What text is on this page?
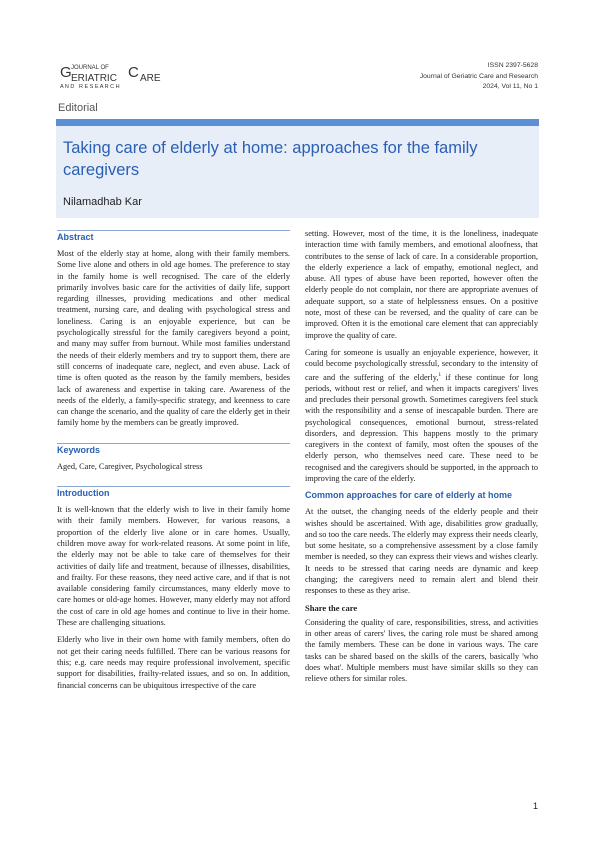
G JOURNAL OF
ERIATRIC C ARE
A N D   R E S E A R C H
ISSN 2397-5628
Journal of Geriatric Care and Research
2024, Vol 11, No 1
Editorial
Taking care of elderly at home: approaches for the family caregivers
Nilamadhab Kar
Abstract

Most of the elderly stay at home, along with their family members. Some live alone and others in old age homes. The preference to stay in the family home is well recognised. The care of the elderly primarily involves basic care for the activities of daily life, support regarding illnesses, providing medications and other medical treatment, nursing care, and dealing with psychological stress and loneliness. Caring is an enjoyable experience, but can be psychologically stressful for the family caregivers beyond a point, and many may suffer from burnout. While most families understand the needs of their elderly members and try to support them, there are still concerns of inadequate care, neglect, and even abuse. Lack of time is often quoted as the reason by the family members, besides lack of awareness and expertise in taking care. Awareness of the needs of the elderly, a family-specific strategy, and keenness to care can change the scenario, and the quality of care the elderly get in their family home by the members can be greatly improved.

Keywords

Aged, Care, Caregiver, Psychological stress

Introduction

It is well-known that the elderly wish to live in their family home with their family members. However, for various reasons, a proportion of the elderly live alone or in care homes. Usually, children move away for work-related reasons. At some point in life, the elderly may not be able to take care of themselves for their activities of daily life and treatment, because of illnesses, disabilities, and frailty. For these reasons, they need active care, and if that is not available considering family circumstances, many elderly move to care homes or old-age homes. However, many elderly may not afford the cost of care in old age homes and continue to live in their home. These are challenging situations.

Elderly who live in their own home with family members, often do not get their caring needs fulfilled. There can be various reasons for this; e.g. care needs may require professional involvement, specific support for disabilities, frailty-related issues, and so on. In addition, financial concerns can be ubiquitous irrespective of the care

setting. However, most of the time, it is the loneliness, inadequate interaction time with family members, and emotional aloofness, that contributes to the sense of lack of care. In a considerable proportion, the elderly experience a lack of empathy, emotional neglect, and abuse. All types of abuse have been reported, however often the elderly people do not complain, nor there are appropriate avenues of adequate support, so a state of helplessness ensues. On a positive note, most of these can be reversed, and the quality of care can be improved. Often it is the emotional care element that can appreciably improve the quality of care.

Caring for someone is usually an enjoyable experience, however, it could become psychologically stressful, secondary to the intensity of care and the suffering of the elderly,$^1$ if these continue for long periods, without rest or relief, and when it impacts caregivers' lives and precludes their personal growth. Sometimes caregivers feel stuck with the responsibility and a sense of inescapable burden. There are psychological consequences, emotional burnout, stress-related disorders, and depression. This happens mostly to the primary caregivers in the context of family, most often the spouses of the elderly person, who themselves need care. These need to be recognised and the caregivers should be supported, in the approach to improving the care of the elderly.

Common approaches for care of elderly at home

At the outset, the changing needs of the elderly people and their wishes should be ascertained. With age, disabilities grow gradually, and so too the care needs. The elderly may express their needs clearly, but some hesitate, so a comprehensive assessment by a close family member is needed, so they can express their views and wishes clearly. It needs to be stressed that caring needs are dynamic and keep changing; the caregivers need to remain alert and blend their responses to these as they arise.

Share the care

Considering the quality of care, responsibilities, stress, and activities in other areas of carers' lives, the caring role must be shared among the family members. These can be done in various ways. The care tasks can be shared based on the skills of the carers, basically 'who does what'. Multiple members must have similar skills so they can relieve others for similar roles.

1
